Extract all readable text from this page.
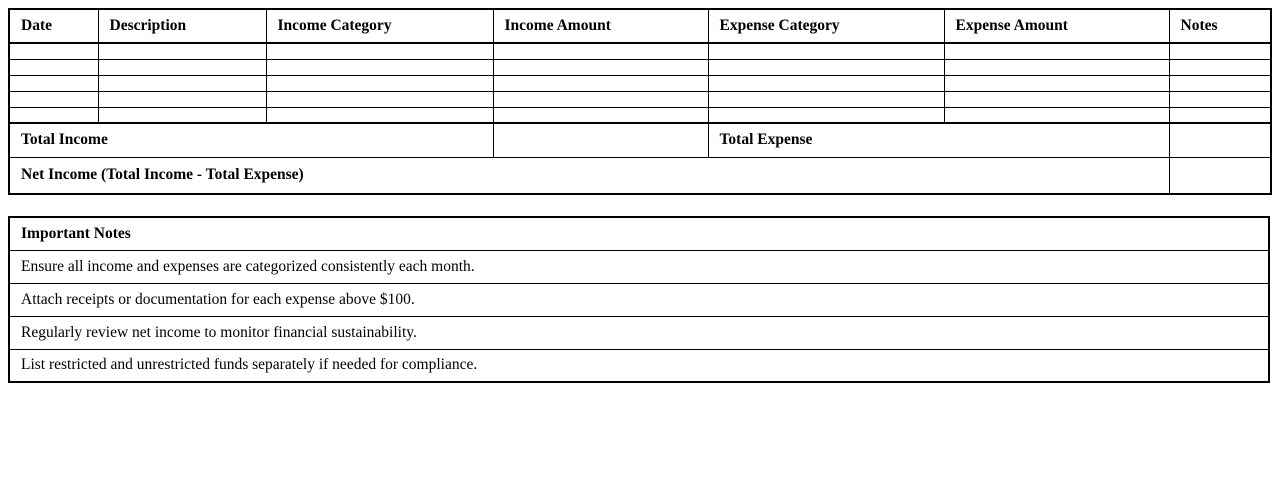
Date	Description	Income Category	Income Amount	Expense Category	Expense Amount	Notes

Total Income				Total Expense		
Net Income (Total Income - Total Expense)						
Important Notes
Ensure all income and expenses are categorized consistently each month.
Attach receipts or documentation for each expense above $100.
Regularly review net income to monitor financial sustainability.
List restricted and unrestricted funds separately if needed for compliance.
